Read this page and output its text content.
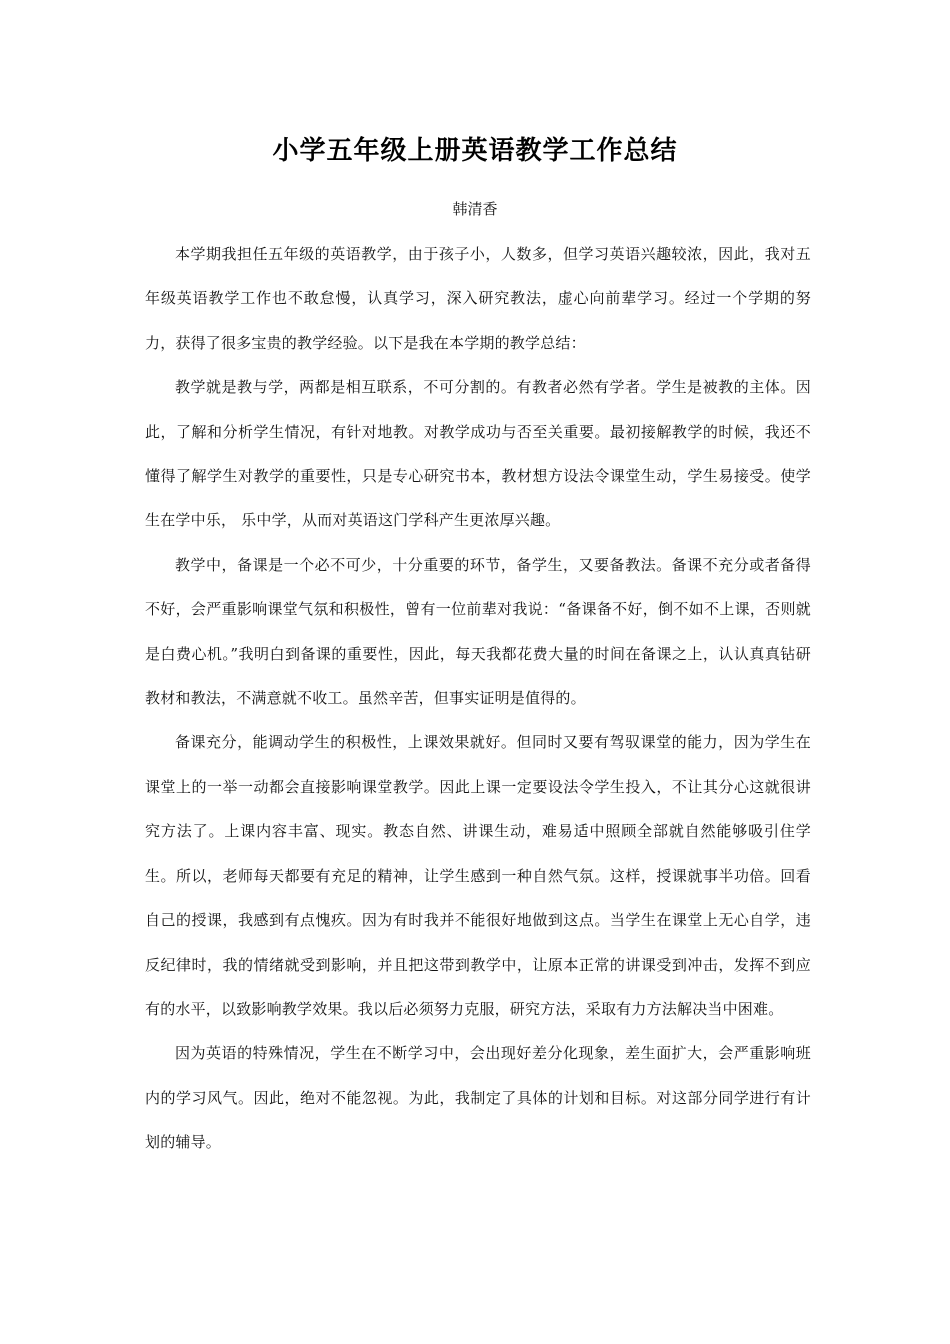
小学五年级上册英语教学工作总结
韩清香

本学期我担任五年级的英语教学，由于孩子小，人数多，但学习英语兴趣较浓，因此，我对五年级英语教学工作也不敢怠慢，认真学习，深入研究教法，虚心向前辈学习。经过一个学期的努力，获得了很多宝贵的教学经验。以下是我在本学期的教学总结：

教学就是教与学，两都是相互联系，不可分割的。有教者必然有学者。学生是被教的主体。因此，了解和分析学生情况，有针对地教。对教学成功与否至关重要。最初接解教学的时候，我还不懂得了解学生对教学的重要性，只是专心研究书本，教材想方设法令课堂生动，学生易接受。使学生在学中乐， 乐中学，从而对英语这门学科产生更浓厚兴趣。

教学中，备课是一个必不可少，十分重要的环节，备学生，又要备教法。备课不充分或者备得不好，会严重影响课堂气氛和积极性，曾有一位前辈对我说：“备课备不好，倒不如不上课，否则就是白费心机。”我明白到备课的重要性，因此，每天我都花费大量的时间在备课之上，认认真真钻研教材和教法，不满意就不收工。虽然辛苦，但事实证明是值得的。

备课充分，能调动学生的积极性，上课效果就好。但同时又要有驾驭课堂的能力，因为学生在课堂上的一举一动都会直接影响课堂教学。因此上课一定要设法令学生投入，不让其分心这就很讲究方法了。上课内容丰富、现实。教态自然、讲课生动，难易适中照顾全部就自然能够吸引住学生。所以，老师每天都要有充足的精神，让学生感到一种自然气氛。这样，授课就事半功倍。回看自己的授课，我感到有点愧疚。因为有时我并不能很好地做到这点。当学生在课堂上无心自学，违反纪律时，我的情绪就受到影响，并且把这带到教学中，让原本正常的讲课受到冲击，发挥不到应有的水平，以致影响教学效果。我以后必须努力克服，研究方法，采取有力方法解决当中困难。

因为英语的特殊情况，学生在不断学习中，会出现好差分化现象，差生面扩大，会严重影响班内的学习风气。因此，绝对不能忽视。为此，我制定了具体的计划和目标。对这部分同学进行有计划的辅导。
